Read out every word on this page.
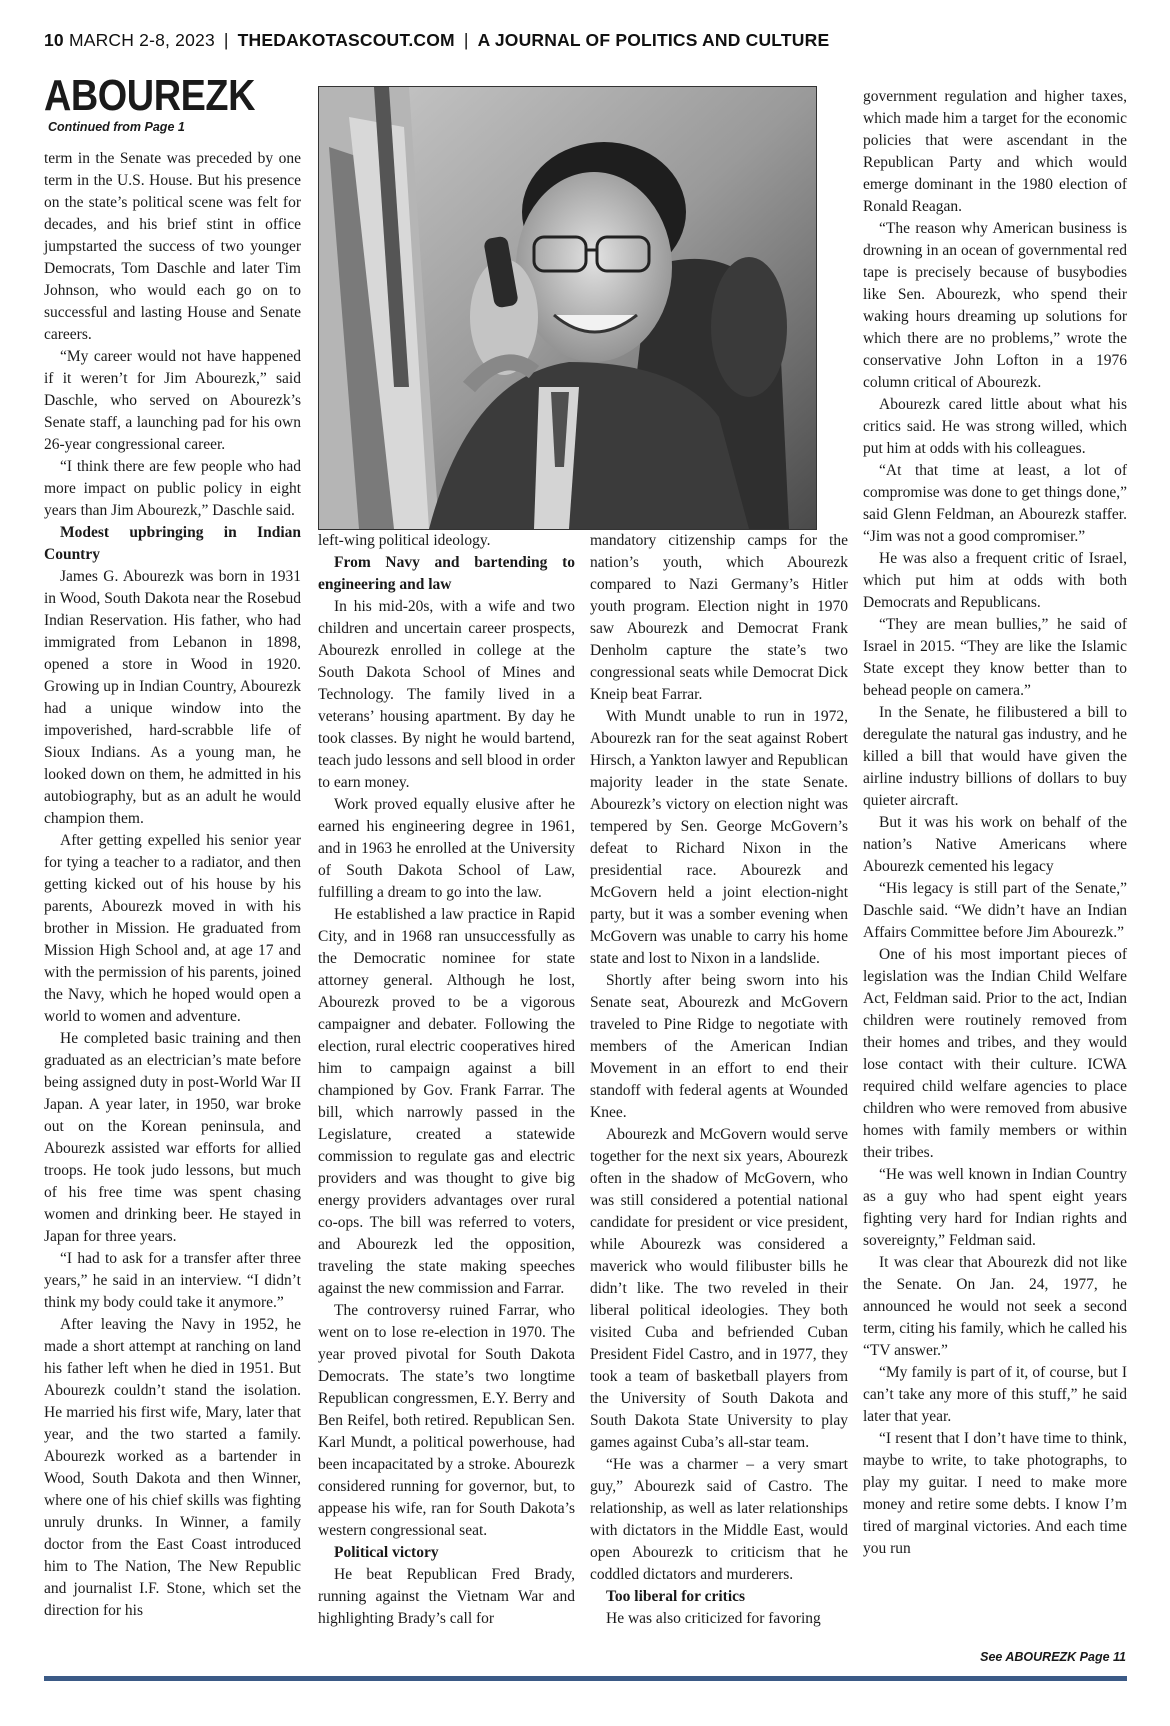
10 MARCH 2-8, 2023 | THEDAKOTASCOUT.COM | A JOURNAL OF POLITICS AND CULTURE
ABOUREZK
Continued from Page 1

term in the Senate was preceded by one term in the U.S. House. But his presence on the state’s political scene was felt for decades, and his brief stint in office jumpstarted the success of two younger Democrats, Tom Daschle and later Tim Johnson, who would each go on to successful and lasting House and Senate careers.

“My career would not have happened if it weren’t for Jim Abourezk,” said Daschle, who served on Abourezk’s Senate staff, a launching pad for his own 26-year congressional career.

“I think there are few people who had more impact on public policy in eight years than Jim Abourezk,” Daschle said.

Modest upbringing in Indian Country

James G. Abourezk was born in 1931 in Wood, South Dakota near the Rosebud Indian Reservation. His father, who had immigrated from Lebanon in 1898, opened a store in Wood in 1920. Growing up in Indian Country, Abourezk had a unique window into the impoverished, hard-scrabble life of Sioux Indians. As a young man, he looked down on them, he admitted in his autobiography, but as an adult he would champion them.

After getting expelled his senior year for tying a teacher to a radiator, and then getting kicked out of his house by his parents, Abourezk moved in with his brother in Mission. He graduated from Mission High School and, at age 17 and with the permission of his parents, joined the Navy, which he hoped would open a world to women and adventure.

He completed basic training and then graduated as an electrician’s mate before being assigned duty in post-World War II Japan. A year later, in 1950, war broke out on the Korean peninsula, and Abourezk assisted war efforts for allied troops. He took judo lessons, but much of his free time was spent chasing women and drinking beer. He stayed in Japan for three years.

“I had to ask for a transfer after three years,” he said in an interview. “I didn’t think my body could take it anymore.”

After leaving the Navy in 1952, he made a short attempt at ranching on land his father left when he died in 1951. But Abourezk couldn’t stand the isolation. He married his first wife, Mary, later that year, and the two started a family. Abourezk worked as a bartender in Wood, South Dakota and then Winner, where one of his chief skills was fighting unruly drunks. In Winner, a family doctor from the East Coast introduced him to The Nation, The New Republic and journalist I.F. Stone, which set the direction for his

left-wing political ideology.

From Navy and bartending to engineering and law

In his mid-20s, with a wife and two children and uncertain career prospects, Abourezk enrolled in college at the South Dakota School of Mines and Technology. The family lived in a veterans’ housing apartment. By day he took classes. By night he would bartend, teach judo lessons and sell blood in order to earn money.

Work proved equally elusive after he earned his engineering degree in 1961, and in 1963 he enrolled at the University of South Dakota School of Law, fulfilling a dream to go into the law.

He established a law practice in Rapid City, and in 1968 ran unsuccessfully as the Democratic nominee for state attorney general. Although he lost, Abourezk proved to be a vigorous campaigner and debater. Following the election, rural electric cooperatives hired him to campaign against a bill championed by Gov. Frank Farrar. The bill, which narrowly passed in the Legislature, created a statewide commission to regulate gas and electric providers and was thought to give big energy providers advantages over rural co-ops. The bill was referred to voters, and Abourezk led the opposition, traveling the state making speeches against the new commission and Farrar.

The controversy ruined Farrar, who went on to lose re-election in 1970. The year proved pivotal for South Dakota Democrats. The state’s two longtime Republican congressmen, E.Y. Berry and Ben Reifel, both retired. Republican Sen. Karl Mundt, a political powerhouse, had been incapacitated by a stroke. Abourezk considered running for governor, but, to appease his wife, ran for South Dakota’s western congressional seat.

Political victory

He beat Republican Fred Brady, running against the Vietnam War and highlighting Brady’s call for

mandatory citizenship camps for the nation’s youth, which Abourezk compared to Nazi Germany’s Hitler youth program. Election night in 1970 saw Abourezk and Democrat Frank Denholm capture the state’s two congressional seats while Democrat Dick Kneip beat Farrar.

With Mundt unable to run in 1972, Abourezk ran for the seat against Robert Hirsch, a Yankton lawyer and Republican majority leader in the state Senate. Abourezk’s victory on election night was tempered by Sen. George McGovern’s defeat to Richard Nixon in the presidential race. Abourezk and McGovern held a joint election-night party, but it was a somber evening when McGovern was unable to carry his home state and lost to Nixon in a landslide.

Shortly after being sworn into his Senate seat, Abourezk and McGovern traveled to Pine Ridge to negotiate with members of the American Indian Movement in an effort to end their standoff with federal agents at Wounded Knee.

Abourezk and McGovern would serve together for the next six years, Abourezk often in the shadow of McGovern, who was still considered a potential national candidate for president or vice president, while Abourezk was considered a maverick who would filibuster bills he didn’t like. The two reveled in their liberal political ideologies. They both visited Cuba and befriended Cuban President Fidel Castro, and in 1977, they took a team of basketball players from the University of South Dakota and South Dakota State University to play games against Cuba’s all-star team.

“He was a charmer – a very smart guy,” Abourezk said of Castro. The relationship, as well as later relationships with dictators in the Middle East, would open Abourezk to criticism that he coddled dictators and murderers.

Too liberal for critics

He was also criticized for favoring

government regulation and higher taxes, which made him a target for the economic policies that were ascendant in the Republican Party and which would emerge dominant in the 1980 election of Ronald Reagan.

“The reason why American business is drowning in an ocean of governmental red tape is precisely because of busybodies like Sen. Abourezk, who spend their waking hours dreaming up solutions for which there are no problems,” wrote the conservative John Lofton in a 1976 column critical of Abourezk.

Abourezk cared little about what his critics said. He was strong willed, which put him at odds with his colleagues.

“At that time at least, a lot of compromise was done to get things done,” said Glenn Feldman, an Abourezk staffer. “Jim was not a good compromiser.”

He was also a frequent critic of Israel, which put him at odds with both Democrats and Republicans.

“They are mean bullies,” he said of Israel in 2015. “They are like the Islamic State except they know better than to behead people on camera.”

In the Senate, he filibustered a bill to deregulate the natural gas industry, and he killed a bill that would have given the airline industry billions of dollars to buy quieter aircraft.

But it was his work on behalf of the nation’s Native Americans where Abourezk cemented his legacy

“His legacy is still part of the Senate,” Daschle said. “We didn’t have an Indian Affairs Committee before Jim Abourezk.”

One of his most important pieces of legislation was the Indian Child Welfare Act, Feldman said. Prior to the act, Indian children were routinely removed from their homes and tribes, and they would lose contact with their culture. ICWA required child welfare agencies to place children who were removed from abusive homes with family members or within their tribes.

“He was well known in Indian Country as a guy who had spent eight years fighting very hard for Indian rights and sovereignty,” Feldman said.

It was clear that Abourezk did not like the Senate. On Jan. 24, 1977, he announced he would not seek a second term, citing his family, which he called his “TV answer.”

“My family is part of it, of course, but I can’t take any more of this stuff,” he said later that year.

“I resent that I don’t have time to think, maybe to write, to take photographs, to play my guitar. I need to make more money and retire some debts. I know I’m tired of marginal victories. And each time you run

See ABOUREZK Page 11
